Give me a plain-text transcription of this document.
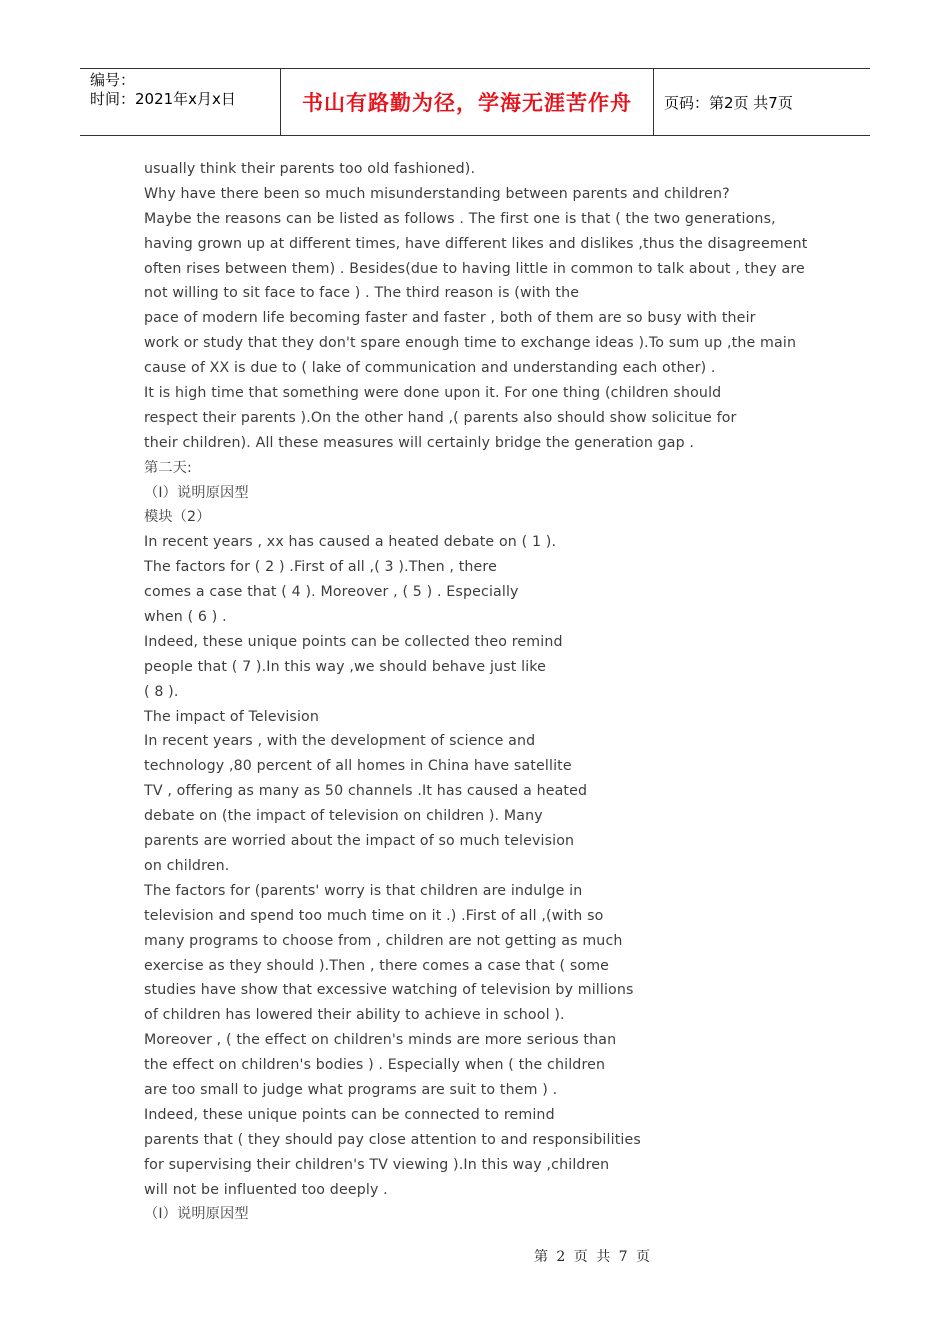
编号：
时间：2021年x月x日	书山有路勤为径，学海无涯苦作舟	页码：第2页 共7页
usually think their parents too old fashioned).
Why have there been so much misunderstanding between parents and children?
Maybe the reasons can be listed as follows . The first one is that ( the two generations,
having grown up at different times, have different likes and dislikes ,thus the disagreement
often rises between them) . Besides(due to having little in common to talk about , they are
not willing to sit face to face ) . The third reason is (with the
pace of modern life becoming faster and faster , both of them are so busy with their
work or study that they don't spare enough time to exchange ideas ).To sum up ,the main
cause of XX is due to ( lake of communication and understanding each other) .
It is high time that something were done upon it. For one thing (children should
respect their parents ).On the other hand ,( parents also should show solicitue for
their children). All these measures will certainly bridge the generation gap .
第二天:
（I）说明原因型
模块（2）
In recent years , xx has caused a heated debate on ( 1 ).
The factors for ( 2 ) .First of all ,( 3 ).Then , there
comes a case that ( 4 ). Moreover , ( 5 ) . Especially
when ( 6 ) .
Indeed, these unique points can be collected theo remind
people that ( 7 ).In this way ,we should behave just like
( 8 ).
The impact of Television
In recent years , with the development of science and
technology ,80 percent of all homes in China have satellite
TV , offering as many as 50 channels .It has caused a heated
debate on (the impact of television on children ). Many
parents are worried about the impact of so much television
on children.
The factors for (parents' worry is that children are indulge in
television and spend too much time on it .) .First of all ,(with so
many programs to choose from , children are not getting as much
exercise as they should ).Then , there comes a case that ( some
studies have show that excessive watching of television by millions
of children has lowered their ability to achieve in school ).
Moreover , ( the effect on children's minds are more serious than
the effect on children's bodies ) . Especially when ( the children
are too small to judge what programs are suit to them ) .
Indeed, these unique points can be connected to remind
parents that ( they should pay close attention to and responsibilities
for supervising their children's TV viewing ).In this way ,children
will not be influented too deeply .
（I）说明原因型
第 2 页 共 7 页
